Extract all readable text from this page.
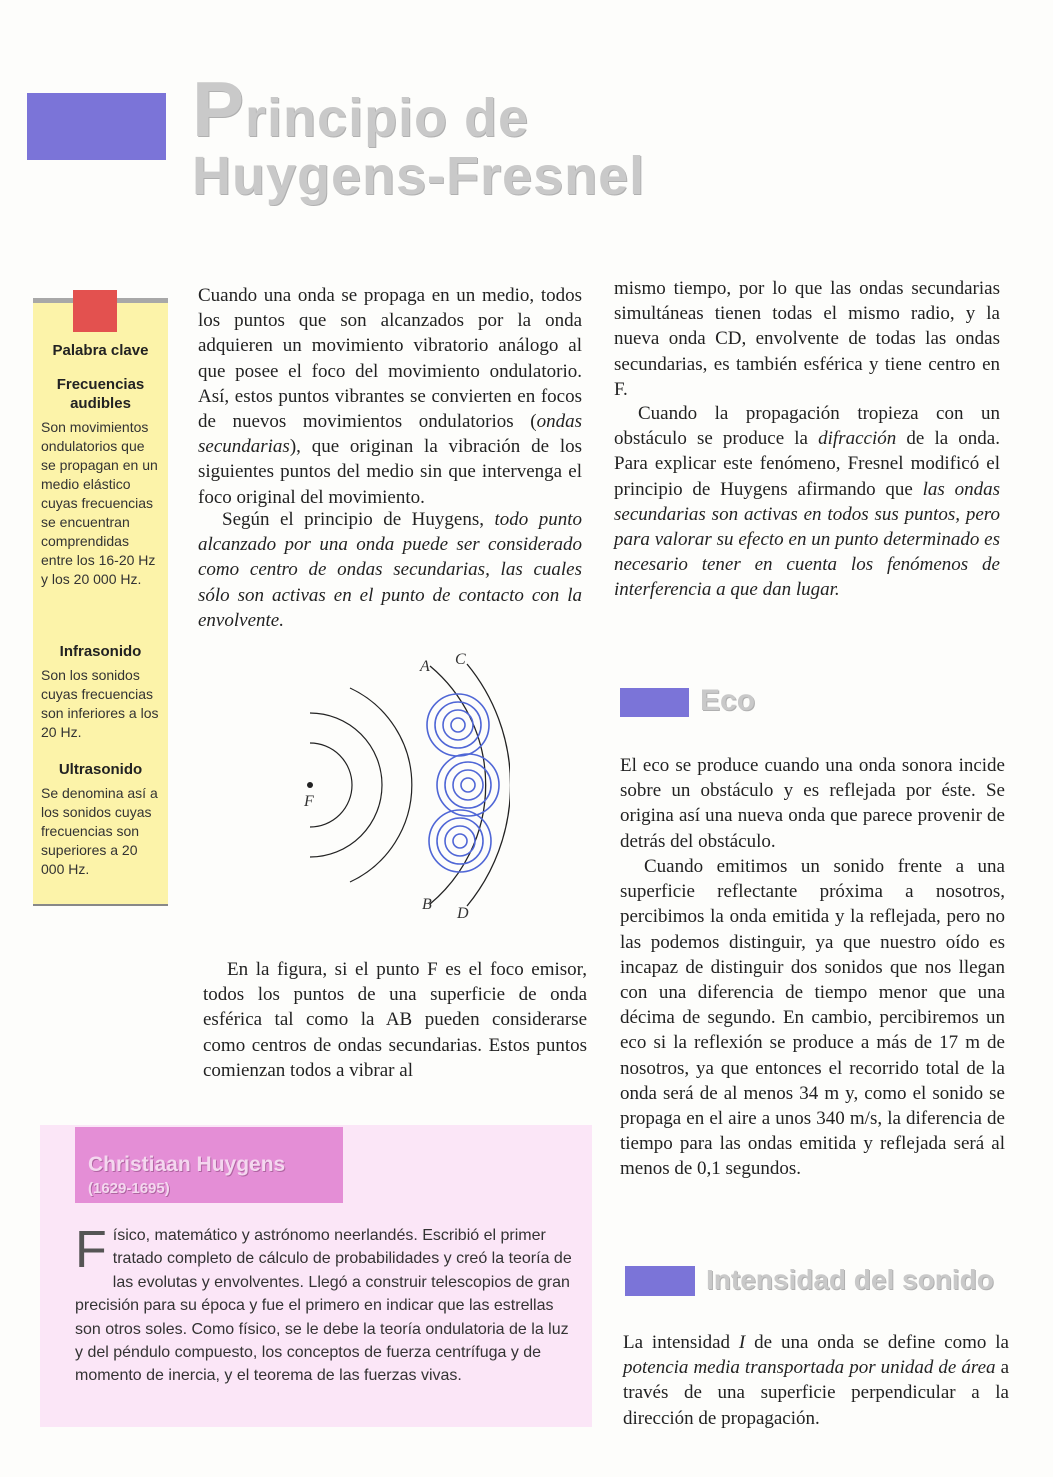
Principio de
Huygens-Fresnel
Palabra clave
Frecuencias audibles
Son movimientos ondulatorios que se propagan en un medio elástico cuyas frecuencias se encuentran comprendidas entre los 16-20 Hz y los 20 000 Hz.
Infrasonido
Son los sonidos cuyas frecuencias son inferiores a los 20 Hz.
Ultrasonido
Se denomina así a los sonidos cuyas frecuencias son superiores a 20 000 Hz.
Cuando una onda se propaga en un medio, todos los puntos que son alcanzados por la onda adquieren un movimiento vibratorio análogo al que posee el foco del movimiento ondulatorio. Así, estos puntos vibrantes se convierten en focos de nuevos movimientos ondulatorios (ondas secundarias), que originan la vibración de los siguientes puntos del medio sin que intervenga el foco original del movimiento.
Según el principio de Huygens, todo punto alcanzado por una onda puede ser considerado como centro de ondas secundarias, las cuales sólo son activas en el punto de contacto con la envolvente.
A C
F
B
D
En la figura, si el punto F es el foco emisor, todos los puntos de una superficie de onda esférica tal como la AB pueden considerarse como centros de ondas secundarias. Estos puntos comienzan todos a vibrar al
mismo tiempo, por lo que las ondas secundarias simultáneas tienen todas el mismo radio, y la nueva onda CD, envolvente de todas las ondas secundarias, es también esférica y tiene centro en F.
Cuando la propagación tropieza con un obstáculo se produce la difracción de la onda. Para explicar este fenómeno, Fresnel modificó el principio de Huygens afirmando que las ondas secundarias son activas en todos sus puntos, pero para valorar su efecto en un punto determinado es necesario tener en cuenta los fenómenos de interferencia a que dan lugar.
Eco
El eco se produce cuando una onda sonora incide sobre un obstáculo y es reflejada por éste. Se origina así una nueva onda que parece provenir de detrás del obstáculo.
Cuando emitimos un sonido frente a una superficie reflectante próxima a nosotros, percibimos la onda emitida y la reflejada, pero no las podemos distinguir, ya que nuestro oído es incapaz de distinguir dos sonidos que nos llegan con una diferencia de tiempo menor que una décima de segundo. En cambio, percibiremos un eco si la reflexión se produce a más de 17 m de nosotros, ya que entonces el recorrido total de la onda será de al menos 34 m y, como el sonido se propaga en el aire a unos 340 m/s, la diferencia de tiempo para las ondas emitida y reflejada será al menos de 0,1 segundos.
Intensidad del sonido
La intensidad I de una onda se define como la potencia media transportada por unidad de área a través de una superficie perpendicular a la dirección de propagación.
Christiaan Huygens
(1629-1695)
Físico, matemático y astrónomo neerlandés. Escribió el primer tratado completo de cálculo de probabilidades y creó la teoría de las evolutas y envolventes. Llegó a construir telescopios de gran precisión para su época y fue el primero en indicar que las estrellas son otros soles. Como físico, se le debe la teoría ondulatoria de la luz y del péndulo compuesto, los conceptos de fuerza centrífuga y de momento de inercia, y el teorema de las fuerzas vivas.
